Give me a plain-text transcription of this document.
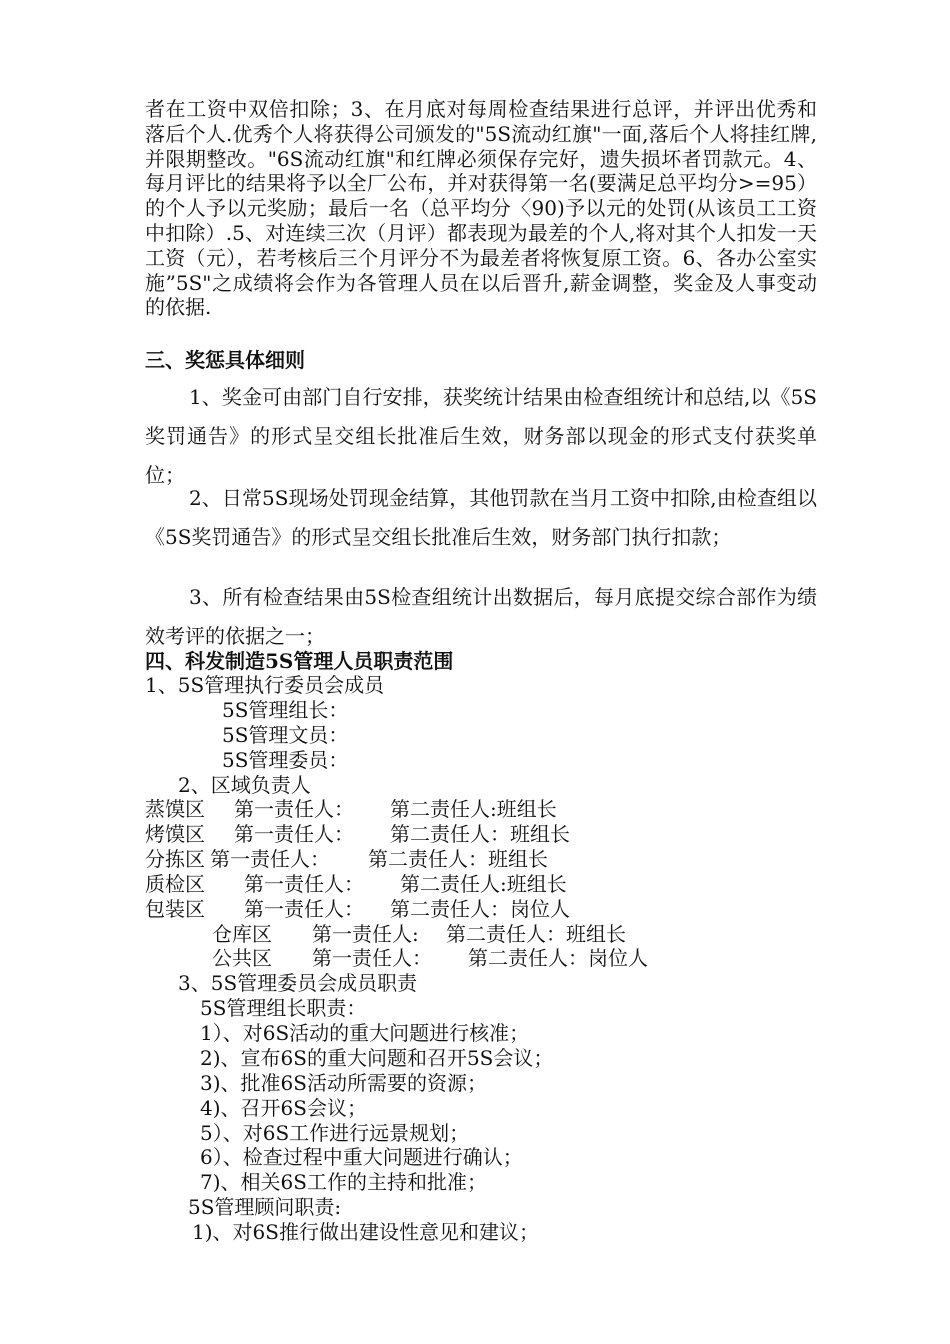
者在工资中双倍扣除；3、在月底对每周检查结果进行总评，并评出优秀和落后个人.优秀个人将获得公司颁发的"5S流动红旗"一面,落后个人将挂红牌,并限期整改。"6S流动红旗"和红牌必须保存完好，遗失损坏者罚款元。4、每月评比的结果将予以全厂公布，并对获得第一名(要满足总平均分>=95）的个人予以元奖励；最后一名（总平均分〈90)予以元的处罚(从该员工工资中扣除）.5、对连续三次（月评）都表现为最差的个人,将对其个人扣发一天工资（元），若考核后三个月评分不为最差者将恢复原工资。6、各办公室实施”5S"之成绩将会作为各管理人员在以后晋升,薪金调整，奖金及人事变动的依据.
三、奖惩具体细则
1、奖金可由部门自行安排，获奖统计结果由检查组统计和总结,以《5S奖罚通告》的形式呈交组长批准后生效，财务部以现金的形式支付获奖单位；
2、日常5S现场处罚现金结算，其他罚款在当月工资中扣除,由检查组以《5S奖罚通告》的形式呈交组长批准后生效，财务部门执行扣款；
3、所有检查结果由5S检查组统计出数据后，每月底提交综合部作为绩效考评的依据之一；
四、科发制造5S管理人员职责范围
1、5S管理执行委员会成员
5S管理组长：
5S管理文员：
5S管理委员：
2、区域负责人
蒸馍区 第一责任人： 第二责任人:班组长
烤馍区 第一责任人： 第二责任人：班组长
分拣区 第一责任人： 第二责任人：班组长
质检区 第一责任人： 第二责任人:班组长
包装区 第一责任人： 第二责任人：岗位人
仓库区 第一责任人: 第二责任人：班组长
公共区 第一责任人： 第二责任人：岗位人
3、5S管理委员会成员职责
5S管理组长职责：
1）、对6S活动的重大问题进行核准；
2)、宣布6S的重大问题和召开5S会议；
3)、批准6S活动所需要的资源；
4)、召开6S会议；
5）、对6S工作进行远景规划；
6）、检查过程中重大问题进行确认；
7)、相关6S工作的主持和批准；
5S管理顾问职责:
1)、对6S推行做出建设性意见和建议；
